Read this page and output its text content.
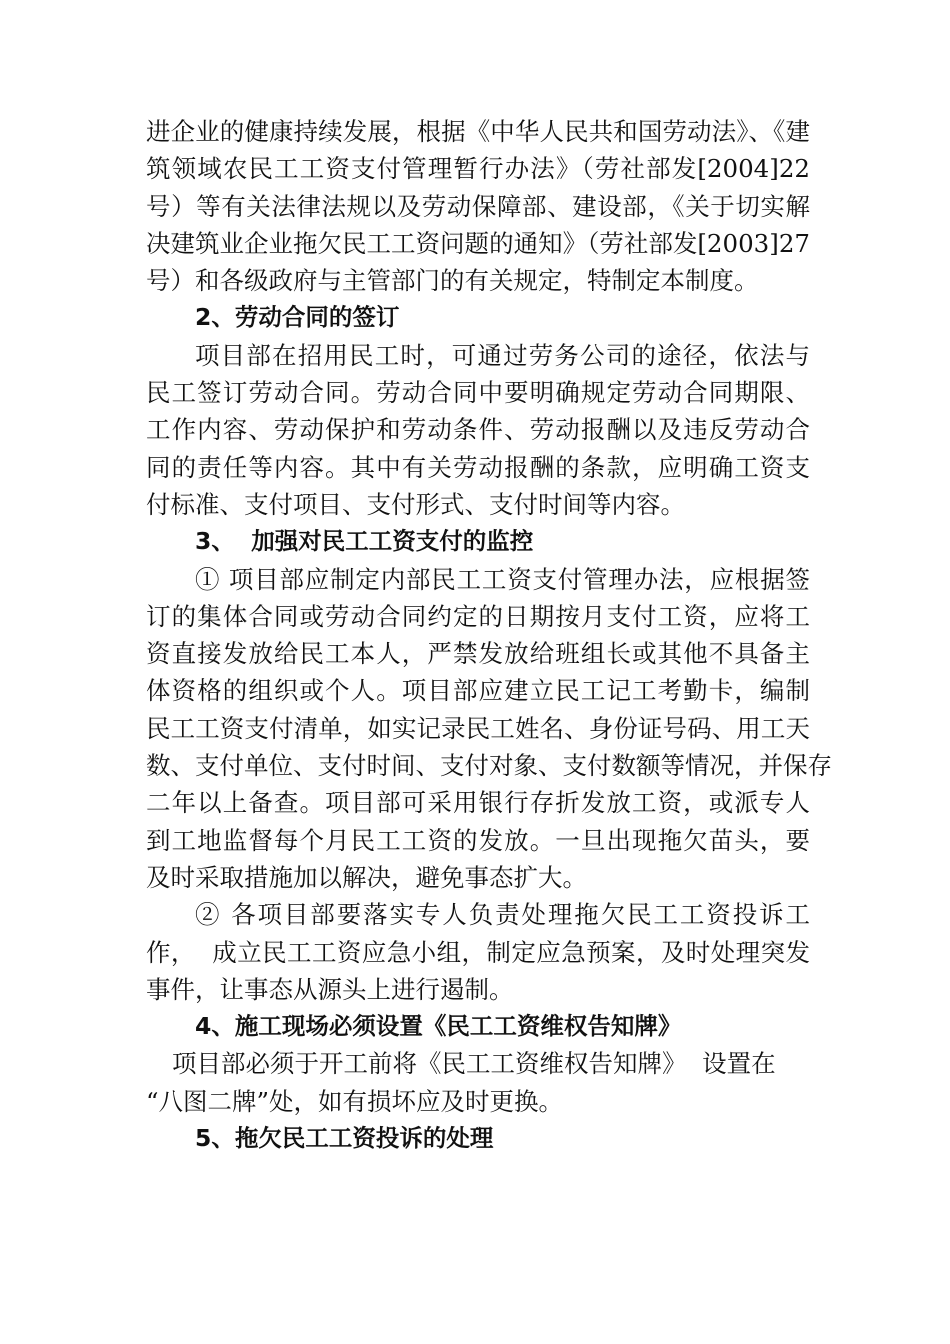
进企业的健康持续发展，根据《中华人民共和国劳动法》、《建
筑领域农民工工资支付管理暂行办法》（劳社部发[2004]22
号）等有关法律法规以及劳动保障部、建设部，《关于切实解
决建筑业企业拖欠民工工资问题的通知》（劳社部发[2003]27
号）和各级政府与主管部门的有关规定，特制定本制度。
2、劳动合同的签订
项目部在招用民工时，可通过劳务公司的途径，依法与
民工签订劳动合同。劳动合同中要明确规定劳动合同期限、
工作内容、劳动保护和劳动条件、劳动报酬以及违反劳动合
同的责任等内容。其中有关劳动报酬的条款，应明确工资支
付标准、支付项目、支付形式、支付时间等内容。
3、  加强对民工工资支付的监控
① 项目部应制定内部民工工资支付管理办法，应根据签
订的集体合同或劳动合同约定的日期按月支付工资，应将工
资直接发放给民工本人，严禁发放给班组长或其他不具备主
体资格的组织或个人。项目部应建立民工记工考勤卡，编制
民工工资支付清单，如实记录民工姓名、身份证号码、用工天
数、支付单位、支付时间、支付对象、支付数额等情况，并保存
二年以上备查。项目部可采用银行存折发放工资，或派专人
到工地监督每个月民工工资的发放。一旦出现拖欠苗头，要
及时采取措施加以解决，避免事态扩大。
② 各项目部要落实专人负责处理拖欠民工工资投诉工
作，  成立民工工资应急小组，制定应急预案，及时处理突发
事件，让事态从源头上进行遏制。
4、施工现场必须设置《民工工资维权告知牌》
项目部必须于开工前将《民工工资维权告知牌》  设置在
“八图二牌”处，如有损坏应及时更换。
5、拖欠民工工资投诉的处理
